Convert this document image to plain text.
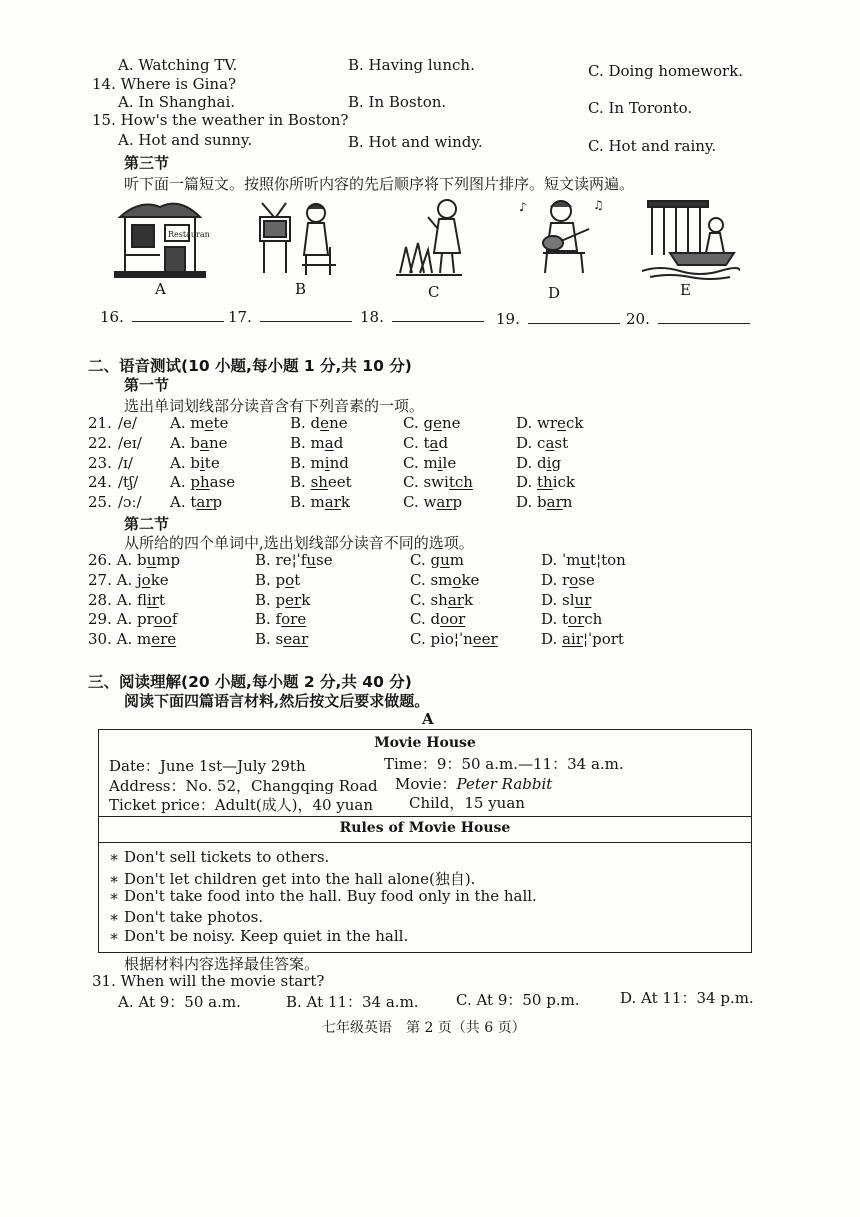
A. Watching TV.	B. Having lunch.	C. Doing homework.
14. Where is Gina?
A. In Shanghai.	B. In Boston.	C. In Toronto.
15. How's the weather in Boston?
A. Hot and sunny.	B. Hot and windy.	C. Hot and rainy.
第三节
听下面一篇短文。按照你所听内容的先后顺序将下列图片排序。短文读两遍。
Restaurant
A	B	C
♪	♫
D	E
16.	17.	18.	19.	20.
二、语音测试(10 小题,每小题 1 分,共 10 分)
第一节
选出单词划线部分读音含有下列音素的一项。
21. /e/ A. mete	B. dene	C. gene	D. wreck
22. /eɪ/ A. bane	B. mad	C. tad	D. cast
23. /ɪ/ A. bite	B. mind	C. mile	D. dig
24. /tʃ/ A. phase	B. sheet	C. switch	D. thick
25. /ɔː/ A. tarp	B. mark	C. warp	D. barn
第二节
从所给的四个单词中,选出划线部分读音不同的选项。
26. A. bump	B. re¦ˈfuse	C. gum	D. ˈmut¦ton
27. A. joke	B. pot	C. smoke	D. rose
28. A. flirt	B. perk	C. shark	D. slur
29. A. proof	B. fore	C. door	D. torch
30. A. mere	B. sear	C. pio¦ˈneer	D. air¦ˈport
三、阅读理解(20 小题,每小题 2 分,共 40 分)
阅读下面四篇语言材料,然后按文后要求做题。
A
Movie House
Date：June 1st—July 29th	Time：9：50 a.m.—11：34 a.m.
Address：No. 52，Changqing Road Movie：Peter Rabbit
Ticket price：Adult(成人)，40 yuan Child，15 yuan
Rules of Movie House
∗ Don't sell tickets to others.
∗ Don't let children get into the hall alone(独自).
∗ Don't take food into the hall. Buy food only in the hall.
∗ Don't take photos.
∗ Don't be noisy. Keep quiet in the hall.
根据材料内容选择最佳答案。
31. When will the movie start?
A. At 9：50 a.m.	B. At 11：34 a.m. C. At 9：50 p.m.	D. At 11：34 p.m.
七年级英语　第 2 页（共 6 页）
